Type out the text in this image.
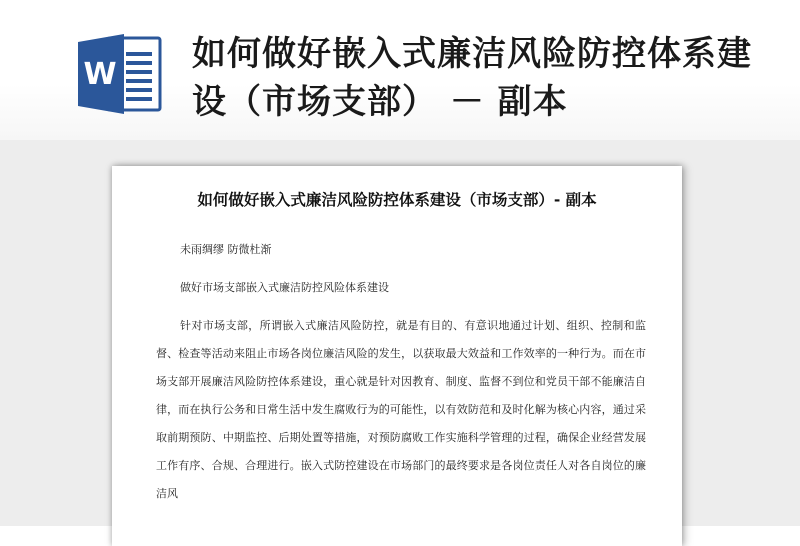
W
如何做好嵌入式廉洁风险防控体系建设（市场支部） － 副本
如何做好嵌入式廉洁风险防控体系建设（市场支部）- 副本
未雨绸缪 防微杜渐
做好市场支部嵌入式廉洁防控风险体系建设
针对市场支部，所谓嵌入式廉洁风险防控，就是有目的、有意识地通过计划、组织、控制和监督、检查等活动来阻止市场各岗位廉洁风险的发生，以获取最大效益和工作效率的一种行为。而在市场支部开展廉洁风险防控体系建设，重心就是针对因教育、制度、监督不到位和党员干部不能廉洁自律，而在执行公务和日常生活中发生腐败行为的可能性，以有效防范和及时化解为核心内容，通过采取前期预防、中期监控、后期处置等措施，对预防腐败工作实施科学管理的过程，确保企业经营发展工作有序、合规、合理进行。嵌入式防控建设在市场部门的最终要求是各岗位责任人对各自岗位的廉洁风
